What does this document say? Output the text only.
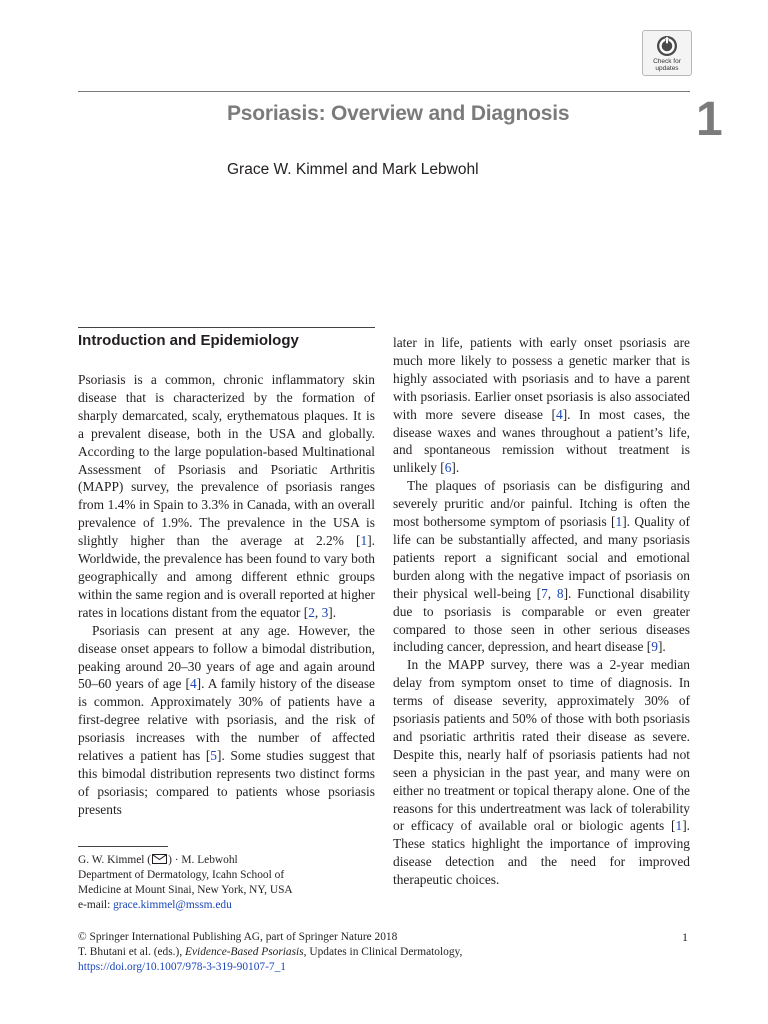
Check for
updates
Psoriasis: Overview and Diagnosis	1
Grace W. Kimmel and Mark Lebwohl
Introduction and Epidemiology

Psoriasis is a common, chronic inflammatory skin disease that is characterized by the formation of sharply demarcated, scaly, erythematous plaques. It is a prevalent disease, both in the USA and globally. According to the large population-based Multinational Assessment of Psoriasis and Psoriatic Arthritis (MAPP) survey, the prevalence of psoriasis ranges from 1.4% in Spain to 3.3% in Canada, with an overall prevalence of 1.9%. The prevalence in the USA is slightly higher than the average at 2.2% [1]. Worldwide, the prevalence has been found to vary both geographically and among different ethnic groups within the same region and is overall reported at higher rates in locations distant from the equator [2, 3].

Psoriasis can present at any age. However, the disease onset appears to follow a bimodal distribution, peaking around 20–30 years of age and again around 50–60 years of age [4]. A family history of the disease is common. Approximately 30% of patients have a first-degree relative with psoriasis, and the risk of psoriasis increases with the number of affected relatives a patient has [5]. Some studies suggest that this bimodal distribution represents two distinct forms of psoriasis; compared to patients whose psoriasis presents

later in life, patients with early onset psoriasis are much more likely to possess a genetic marker that is highly associated with psoriasis and to have a parent with psoriasis. Earlier onset psoriasis is also associated with more severe disease [4]. In most cases, the disease waxes and wanes throughout a patient’s life, and spontaneous remission without treatment is unlikely [6].

The plaques of psoriasis can be disfiguring and severely pruritic and/or painful. Itching is often the most bothersome symptom of psoriasis [1]. Quality of life can be substantially affected, and many psoriasis patients report a significant social and emotional burden along with the negative impact of psoriasis on their physical well-being [7, 8]. Functional disability due to psoriasis is comparable or even greater compared to those seen in other serious diseases including cancer, depression, and heart disease [9].

In the MAPP survey, there was a 2-year median delay from symptom onset to time of diagnosis. In terms of disease severity, approximately 30% of psoriasis patients and 50% of those with both psoriasis and psoriatic arthritis rated their disease as severe. Despite this, nearly half of psoriasis patients had not seen a physician in the past year, and many were on either no treatment or topical therapy alone. One of the reasons for this undertreatment was lack of tolerability or efficacy of available oral or biologic agents [1]. These statics highlight the importance of improving disease detection and the need for improved therapeutic choices.

G. W. Kimmel ( ) · M. Lebwohl
Department of Dermatology, Icahn School of
Medicine at Mount Sinai, New York, NY, USA
e-mail: grace.kimmel@mssm.edu
© Springer International Publishing AG, part of Springer Nature 2018
T. Bhutani et al. (eds.), Evidence-Based Psoriasis, Updates in Clinical Dermatology,
https://doi.org/10.1007/978-3-319-90107-7_1
1
